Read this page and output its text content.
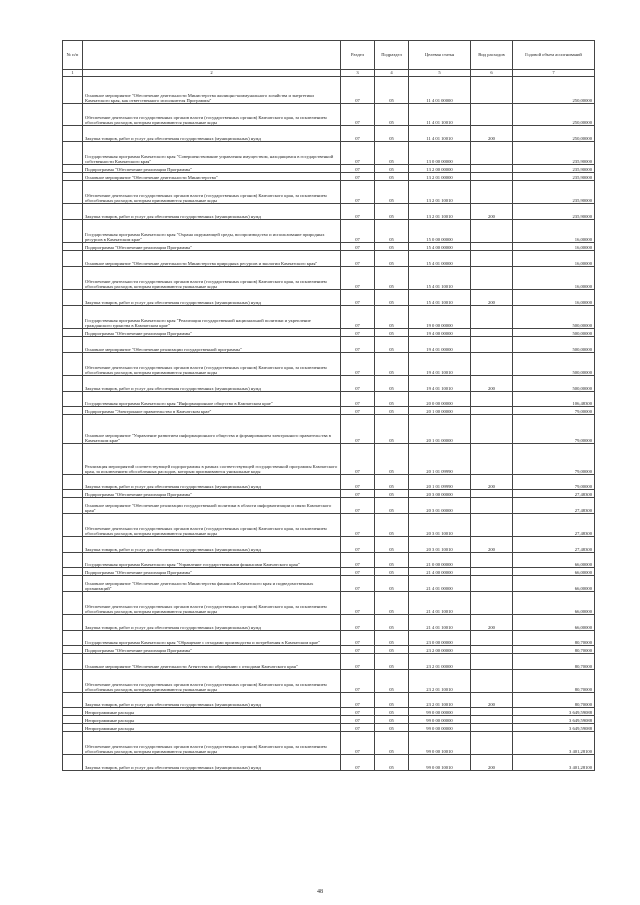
№ п/п		Раздел	Подраздел	Целевая статья	Вид расходов	Годовой объем ассигнований
1	2	3	4	5	6	7
	Основное мероприятие "Обеспечение деятельности Министерства жилищно-коммунального хозяйства и энергетики Камчатского края, как ответственного исполнителя Программы"	07	05	11 4 01 00000		250,00000
	Обеспечение деятельности государственных органов власти (государственных органов) Камчатского края, за исключением обособленных расходов, которым присваиваются уникальные коды	07	05	11 4 01 10010		250,00000
	Закупка товаров, работ и услуг для обеспечения государственных (муниципальных) нужд	07	05	11 4 01 10010	200	250,00000
	Государственная программа Камчатского края "Совершенствование управления имуществом, находящимся в государственной собственности Камчатского края"	07	05	13 0 00 00000		235,90000
	Подпрограмма "Обеспечение реализации Программы"	07	05	13 2 00 00000		235,90000
	Основное мероприятие "Обеспечение деятельности Министерства"	07	05	13 2 01 00000		235,90000
	Обеспечение деятельности государственных органов власти (государственных органов) Камчатского края, за исключением обособленных расходов, которым присваиваются уникальные коды	07	05	13 2 01 10010		235,90000
	Закупка товаров, работ и услуг для обеспечения государственных (муниципальных) нужд	07	05	13 2 01 10010	200	235,90000
	Государственная программа Камчатского края "Охрана окружающей среды, воспроизводство и использование природных ресурсов в Камчатском крае"	07	05	15 0 00 00000		16,00000
	Подпрограмма "Обеспечение реализации Программы"	07	05	15 4 00 00000		16,00000
	Основное мероприятие "Обеспечение деятельности Министерства природных ресурсов и экологии Камчатского края"	07	05	15 4 01 00000		16,00000
	Обеспечение деятельности государственных органов власти (государственных органов) Камчатского края, за исключением обособленных расходов, которым присваиваются уникальные коды	07	05	15 4 01 10010		16,00000
	Закупка товаров, работ и услуг для обеспечения государственных (муниципальных) нужд	07	05	15 4 01 10010	200	16,00000
	Государственная программа Камчатского края "Реализация государственной национальной политики и укрепление гражданского единства в Камчатском крае"	07	05	19 0 00 00000		500,00000
	Подпрограмма "Обеспечение реализации Программы"	07	05	19 4 00 00000		500,00000
	Основное мероприятие "Обеспечение реализации государственной программы"	07	05	19 4 01 00000		500,00000
	Обеспечение деятельности государственных органов власти (государственных органов) Камчатского края, за исключением обособленных расходов, которым присваиваются уникальные коды	07	05	19 4 01 10010		500,00000
	Закупка товаров, работ и услуг для обеспечения государственных (муниципальных) нужд	07	05	19 4 01 10010	200	500,00000
	Государственная программа Камчатского края "Информационное общество в Камчатском крае"	07	05	20 0 00 00000		106,48300
	Подпрограмма "Электронное правительство в Камчатском крае"	07	05	20 1 00 00000		79,00000
	Основное мероприятие "Управление развитием информационного общества и формированием электронного правительства в Камчатском крае"	07	05	20 1 01 00000		79,00000
	Реализация мероприятий соответствующей подпрограммы в рамках соответствующей государственной программы Камчатского края, за исключением обособленных расходов, которым присваиваются уникальные коды	07	05	20 1 01 09990		79,00000
	Закупка товаров, работ и услуг для обеспечения государственных (муниципальных) нужд	07	05	20 1 01 09990	200	79,00000
	Подпрограмма "Обеспечение реализации Программы"	07	05	20 3 00 00000		27,48300
	Основное мероприятие "Обеспечение реализации государственной политики в области информатизации и связи Камчатского края"	07	05	20 3 01 00000		27,48300
	Обеспечение деятельности государственных органов власти (государственных органов) Камчатского края, за исключением обособленных расходов, которым присваиваются уникальные коды	07	05	20 3 01 10010		27,48300
	Закупка товаров, работ и услуг для обеспечения государственных (муниципальных) нужд	07	05	20 3 01 10010	200	27,48300
	Государственная программа Камчатского края "Управление государственными финансами Камчатского края"	07	05	21 0 00 00000		66,00000
	Подпрограмма "Обеспечение реализации Программы"	07	05	21 4 00 00000		66,00000
	Основное мероприятие "Обеспечение деятельности Министерства финансов Камчатского края и подведомственных организаций"	07	05	21 4 01 00000		66,00000
	Обеспечение деятельности государственных органов власти (государственных органов) Камчатского края, за исключением обособленных расходов, которым присваиваются уникальные коды	07	05	21 4 01 10010		66,00000
	Закупка товаров, работ и услуг для обеспечения государственных (муниципальных) нужд	07	05	21 4 01 10010	200	66,00000
	Государственная программа Камчатского края "Обращение с отходами производства и потребления в Камчатском крае"	07	05	23 0 00 00000		80,70000
	Подпрограмма "Обеспечение реализации Программы"	07	05	23 2 00 00000		80,70000
	Основное мероприятие "Обеспечение деятельности Агентства по обращению с отходами Камчатского края"	07	05	23 2 01 00000		80,70000
	Обеспечение деятельности государственных органов власти (государственных органов) Камчатского края, за исключением обособленных расходов, которым присваиваются уникальные коды	07	05	23 2 01 10010		80,70000
	Закупка товаров, работ и услуг для обеспечения государственных (муниципальных) нужд	07	05	23 2 01 10010	200	80,70000
	Непрограммные расходы	07	05	99 0 00 00000		3 649,59088
	Непрограммные расходы	07	05	99 0 00 00000		3 649,59088
	Непрограммные расходы	07	05	99 0 00 00000		3 649,59088
	Обеспечение деятельности государственных органов власти (государственных органов) Камчатского края, за исключением обособленных расходов, которым присваиваются уникальные коды	07	05	99 0 00 10010		3 401,28100
	Закупка товаров, работ и услуг для обеспечения государственных (муниципальных) нужд	07	05	99 0 00 10010	200	3 401,28100
48
